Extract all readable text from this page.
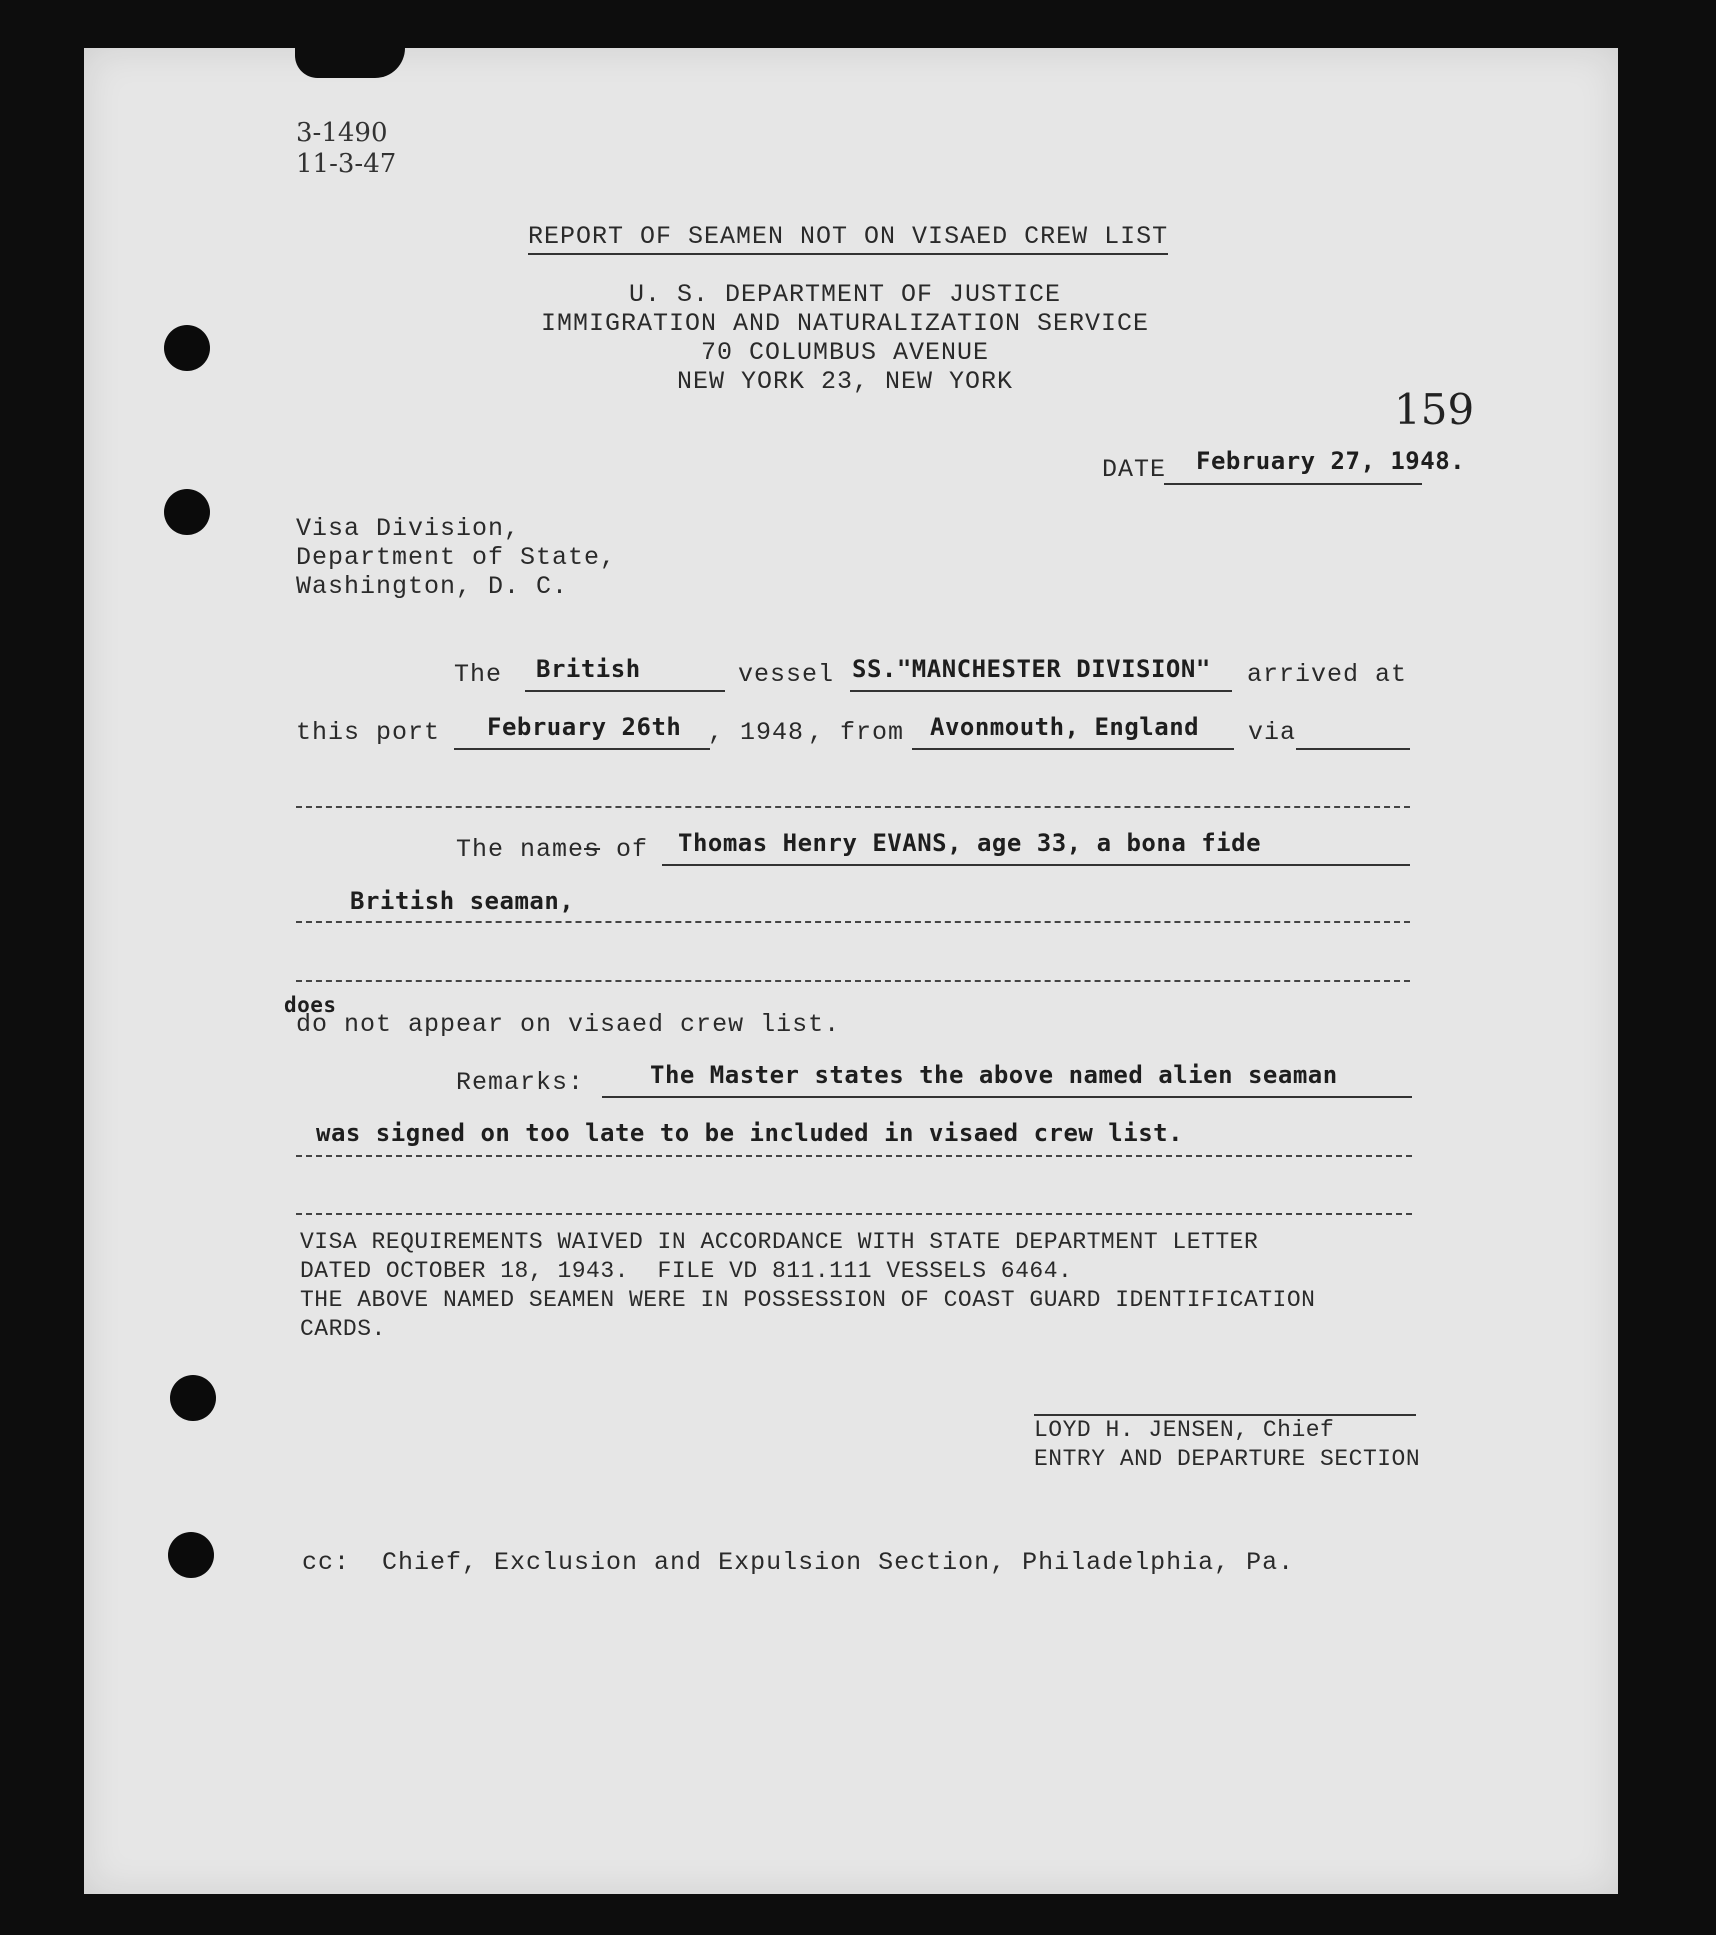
3-1490
11-3-47
REPORT OF SEAMEN NOT ON VISAED CREW LIST
U. S. DEPARTMENT OF JUSTICE
IMMIGRATION AND NATURALIZATION SERVICE
70 COLUMBUS AVENUE
NEW YORK 23, NEW YORK
159
DATE February 27, 1948.
Visa Division,
Department of State,
Washington, D. C.
The British	vessel SS."MANCHESTER DIVISION" arrived at
this port February 26th , 1948 , from Avonmouth, England via
The names of Thomas Henry EVANS, age 33, a bona fide
British seaman,
does
do not appear on visaed crew list.
Remarks:	The Master states the above named alien seaman
was signed on too late to be included in visaed crew list.
VISA REQUIREMENTS WAIVED IN ACCORDANCE WITH STATE DEPARTMENT LETTER
DATED OCTOBER 18, 1943.  FILE VD 811.111 VESSELS 6464.
THE ABOVE NAMED SEAMEN WERE IN POSSESSION OF COAST GUARD IDENTIFICATION
CARDS.
LOYD H. JENSEN, Chief
ENTRY AND DEPARTURE SECTION
cc:  Chief, Exclusion and Expulsion Section, Philadelphia, Pa.
